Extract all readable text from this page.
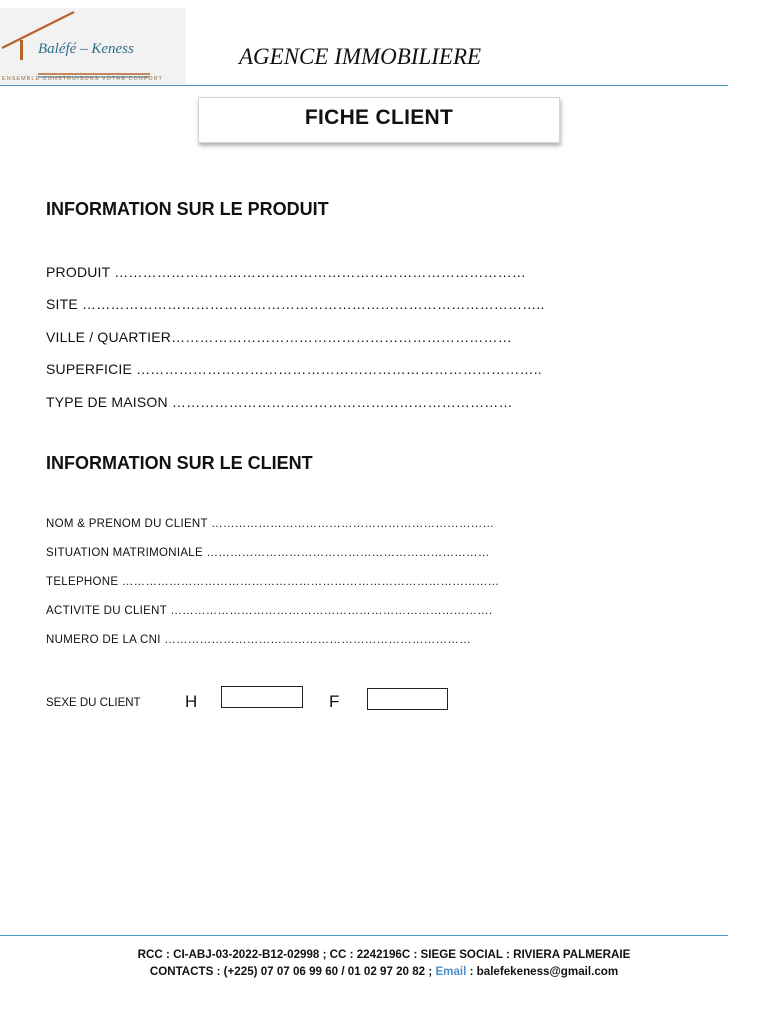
Baléfé – Keness
ENSEMBLE CONSTRUISONS VOTRE CONFORT
AGENCE IMMOBILIERE
FICHE CLIENT
INFORMATION SUR LE PRODUIT
PRODUIT ……………………………………………………………………………
SITE ……………………………………………………………………………………..
VILLE / QUARTIER………………………………………………………………
SUPERFICIE …………………………………………………………………………..
TYPE DE MAISON ………………………………………………………………
INFORMATION SUR LE CLIENT
NOM & PRENOM DU CLIENT ………………………………………………………………
SITUATION MATRIMONIALE ………………………………………………………………
TELEPHONE ……………………………………………………………………………………
ACTIVITE DU CLIENT ……………………………………………………………………….
NUMERO DE LA CNI ……………………………………………………………………
SEXE DU CLIENT	H	F
RCC : CI-ABJ-03-2022-B12-02998 ; CC : 2242196C : SIEGE SOCIAL : RIVIERA PALMERAIE
CONTACTS : (+225) 07 07 06 99 60 / 01 02 97 20 82 ; Email : balefekeness@gmail.com
